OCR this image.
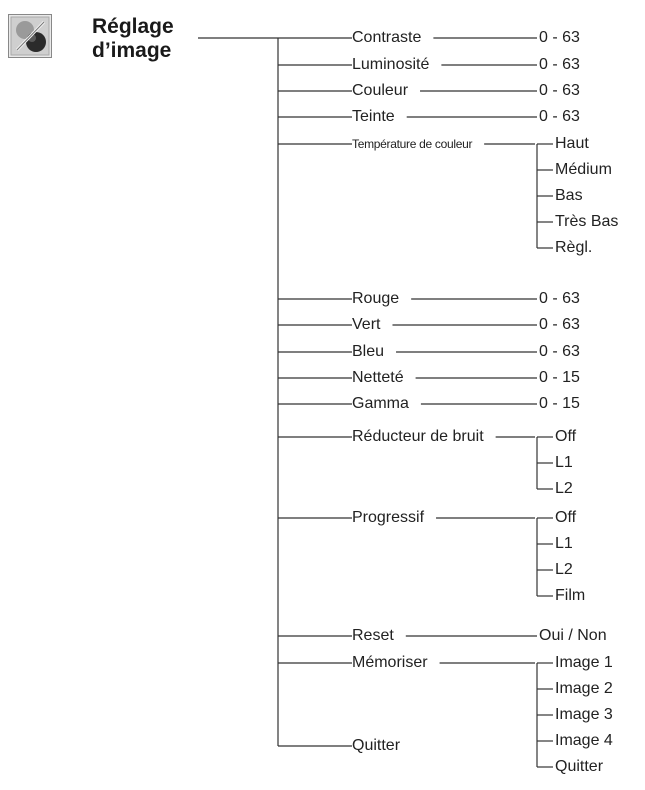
Réglage
d’image
Contraste	0 - 63
Luminosité	0 - 63
Couleur	0 - 63
Teinte	0 - 63
Température de couleur	Haut
Médium
Bas
Très Bas
Règl.
Rouge	0 - 63
Vert	0 - 63
Bleu	0 - 63
Netteté	0 - 15
Gamma	0 - 15
Réducteur de bruit	Off
L1
L2
Progressif	Off
L1
L2
Film
Reset	Oui / Non
Mémoriser	Image 1
Image 2
Image 3
Image 4
Quitter
Quitter
